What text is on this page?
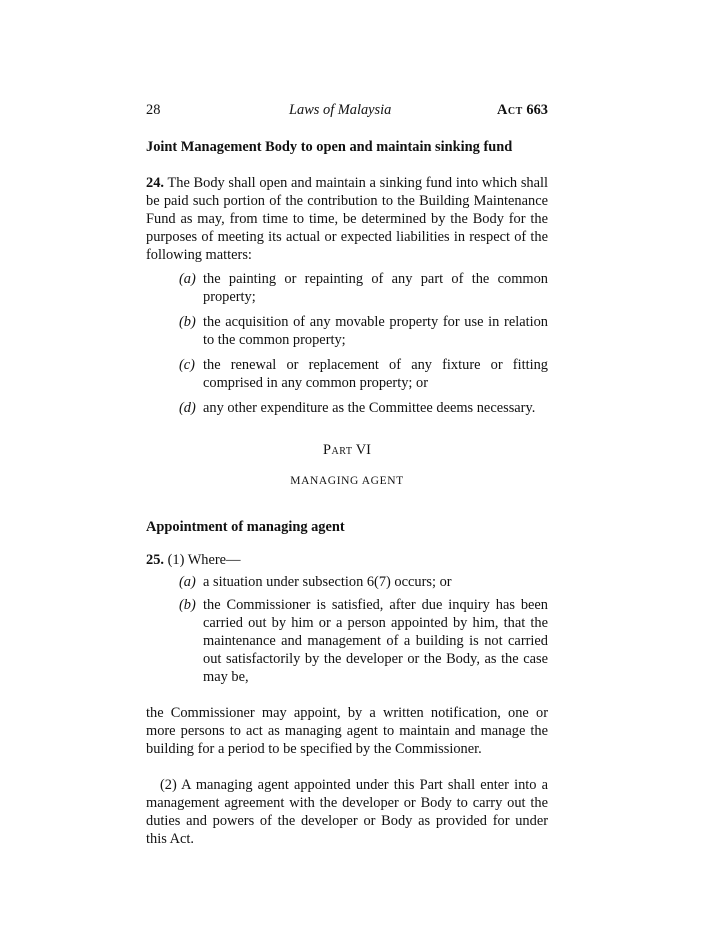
28	Laws of Malaysia	Act 663

Joint Management Body to open and maintain sinking fund

24. The Body shall open and maintain a sinking fund into which shall be paid such portion of the contribution to the Building Maintenance Fund as may, from time to time, be determined by the Body for the purposes of meeting its actual or expected liabilities in respect of the following matters:

(a) the painting or repainting of any part of the common property;
(b) the acquisition of any movable property for use in relation to the common property;
(c) the renewal or replacement of any fixture or fitting comprised in any common property; or
(d) any other expenditure as the Committee deems necessary.
Part VI
MANAGING AGENT

Appointment of managing agent

25. (1) Where—

(a) a situation under subsection 6(7) occurs; or
(b) the Commissioner is satisfied, after due inquiry has been carried out by him or a person appointed by him, that the maintenance and management of a building is not carried out satisfactorily by the developer or the Body, as the case may be,

the Commissioner may appoint, by a written notification, one or more persons to act as managing agent to maintain and manage the building for a period to be specified by the Commissioner.

(2) A managing agent appointed under this Part shall enter into a management agreement with the developer or Body to carry out the duties and powers of the developer or Body as provided for under this Act.
